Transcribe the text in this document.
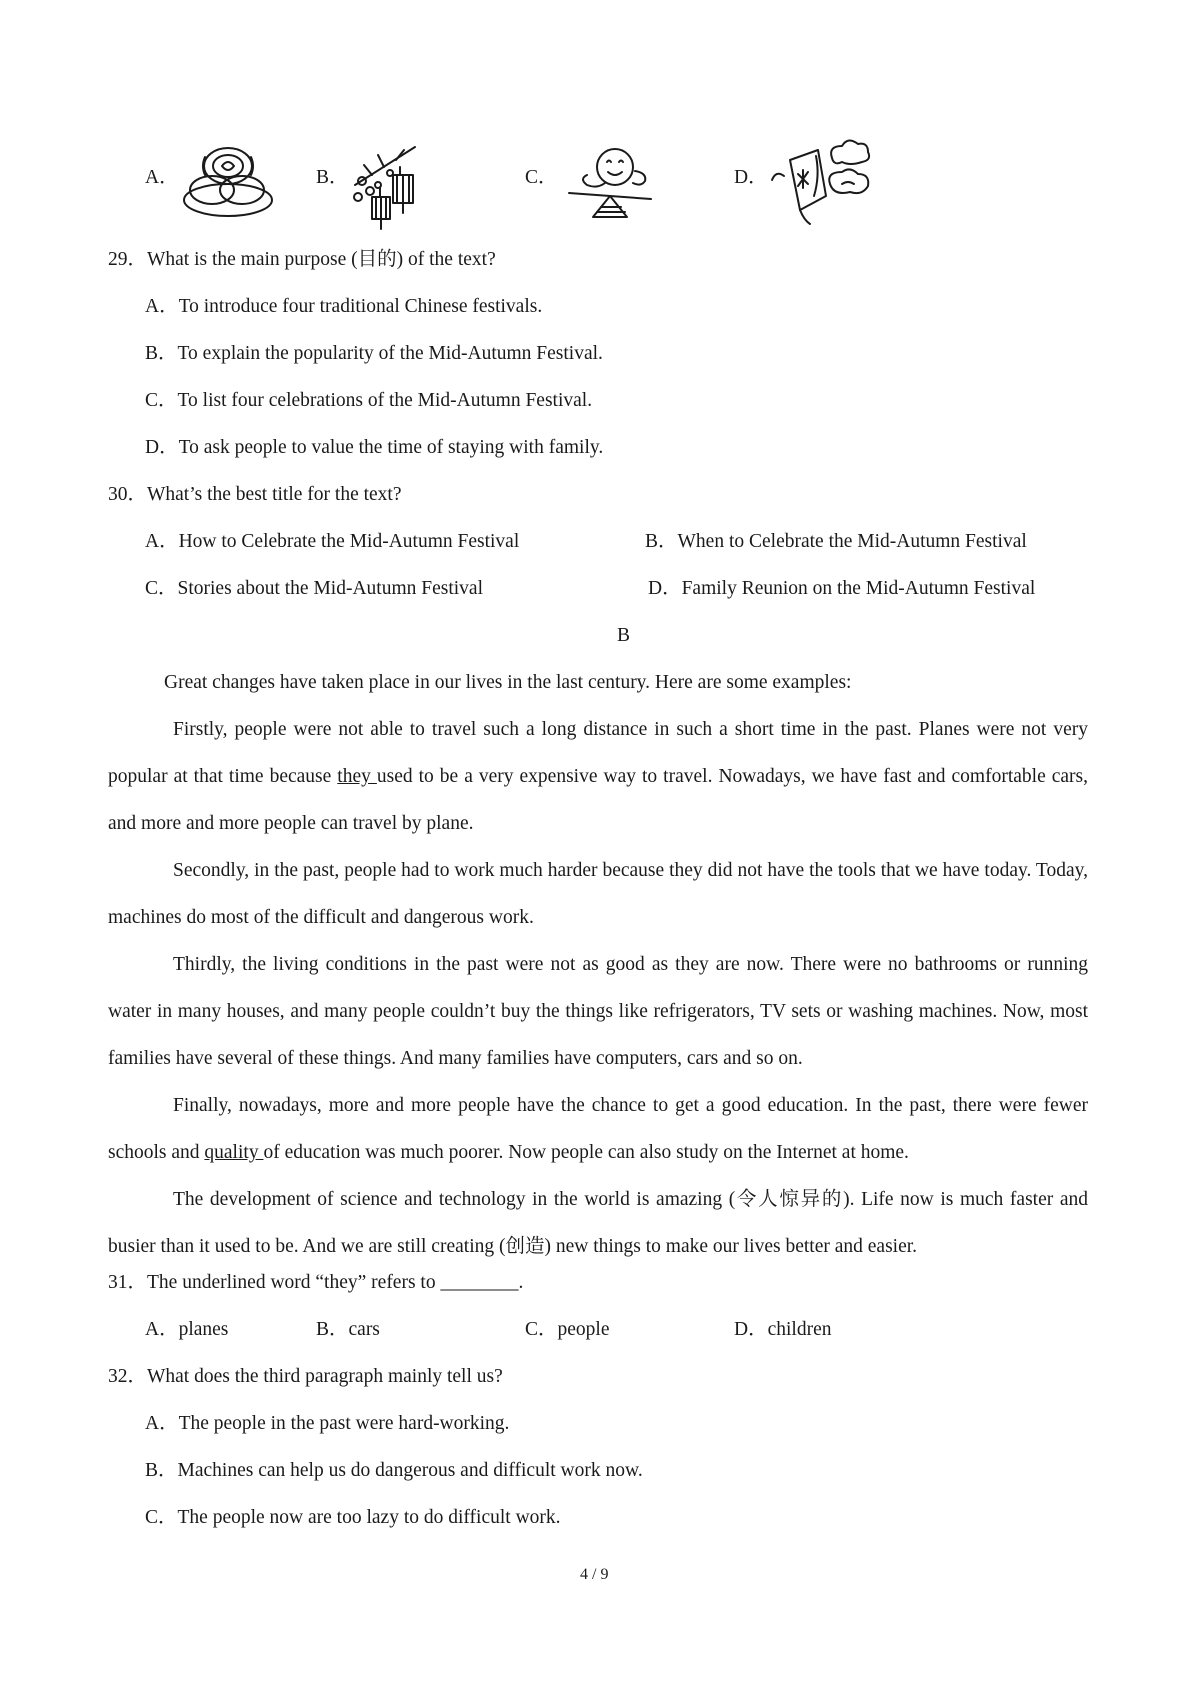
A．	B．	C．	D．
29．What is the main purpose (目的) of the text?
A．To introduce four traditional Chinese festivals.
B．To explain the popularity of the Mid-Autumn Festival.
C．To list four celebrations of the Mid-Autumn Festival.
D．To ask people to value the time of staying with family.
30．What’s the best title for the text?
A．How to Celebrate the Mid-Autumn Festival	B．When to Celebrate the Mid-Autumn Festival
C．Stories about the Mid-Autumn Festival	D．Family Reunion on the Mid-Autumn Festival
B

Great changes have taken place in our lives in the last century. Here are some examples:

Firstly, people were not able to travel such a long distance in such a short time in the past. Planes were not very popular at that time because they used to be a very expensive way to travel. Nowadays, we have fast and comfortable cars, and more and more people can travel by plane.

Secondly, in the past, people had to work much harder because they did not have the tools that we have today. Today, machines do most of the difficult and dangerous work.

Thirdly, the living conditions in the past were not as good as they are now. There were no bathrooms or running water in many houses, and many people couldn’t buy the things like refrigerators, TV sets or washing machines. Now, most families have several of these things. And many families have computers, cars and so on.

Finally, nowadays, more and more people have the chance to get a good education. In the past, there were fewer schools and quality of education was much poorer. Now people can also study on the Internet at home.

The development of science and technology in the world is amazing (令人惊异的). Life now is much faster and busier than it used to be. And we are still creating (创造) new things to make our lives better and easier.

31．The underlined word “they” refers to ________.
A．planes	B．cars	C．people	D．children
32．What does the third paragraph mainly tell us?
A．The people in the past were hard-working.
B．Machines can help us do dangerous and difficult work now.
C．The people now are too lazy to do difficult work.
4 / 9
